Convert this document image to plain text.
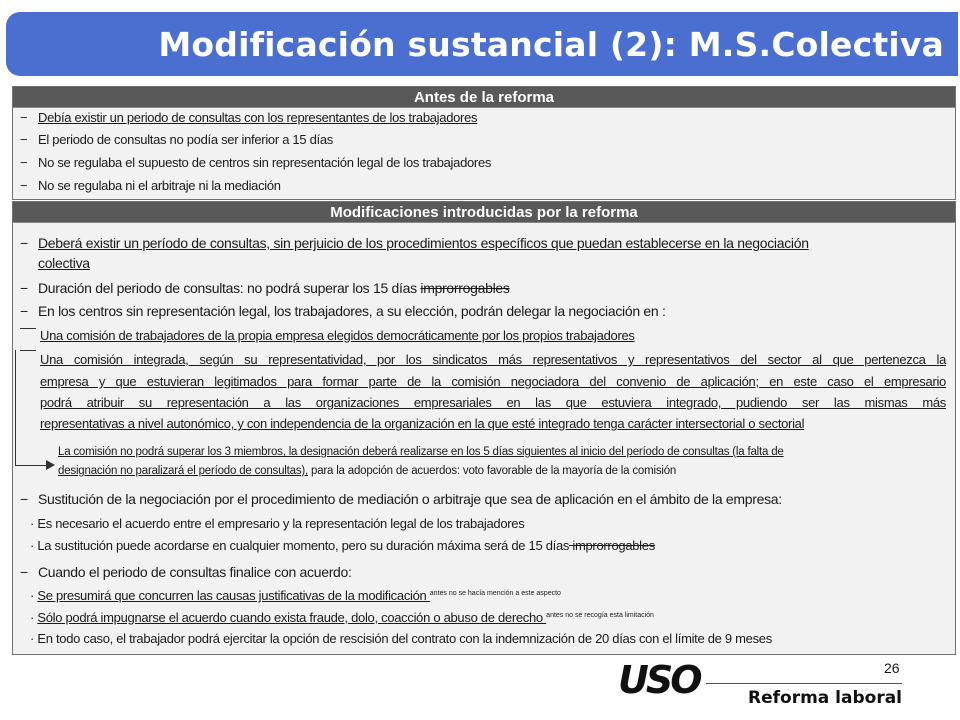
Modificación sustancial (2): M.S.Colectiva
Antes de la reforma
− Debía existir un periodo de consultas con los representantes de los trabajadores
− El periodo de consultas no podía ser inferior a 15 días
− No se regulaba el supuesto de centros sin representación legal de los trabajadores
− No se regulaba ni el arbitraje ni la mediación
Modificaciones introducidas por la reforma
− Deberá existir un período de consultas, sin perjuicio de los procedimientos específicos que puedan establecerse en la negociación
colectiva
− Duración del periodo de consultas: no podrá superar los 15 días improrrogables
− En los centros sin representación legal, los trabajadores, a su elección, podrán delegar la negociación en :
Una comisión de trabajadores de la propia empresa elegidos democráticamente por los propios trabajadores
Una comisión integrada, según su representatividad, por los sindicatos más representativos y representativos del sector al que pertenezca la
empresa y que estuvieran legitimados para formar parte de la comisión negociadora del convenio de aplicación; en este caso el empresario
podrá atribuir su representación a las organizaciones empresariales en las que estuviera integrado, pudiendo ser las mismas más
representativas a nivel autonómico, y con independencia de la organización en la que esté integrado tenga carácter intersectorial o sectorial
La comisión no podrá superar los 3 miembros, la designación deberá realizarse en los 5 días siguientes al inicio del período de consultas (la falta de
designación no paralizará el período de consultas), para la adopción de acuerdos: voto favorable de la mayoría de la comisión
− Sustitución de la negociación por el procedimiento de mediación o arbitraje que sea de aplicación en el ámbito de la empresa:
· Es necesario el acuerdo entre el empresario y la representación legal de los trabajadores
· La sustitución puede acordarse en cualquier momento, pero su duración máxima será de 15 días improrrogables
− Cuando el periodo de consultas finalice con acuerdo:
· Se presumirá que concurren las causas justificativas de la modificación $^{antes no se hacía mención a este aspecto}$
· Sólo podrá impugnarse el acuerdo cuando exista fraude, dolo, coacción o abuso de derecho $^{antes no se recogía esta limitación}$
· En todo caso, el trabajador podrá ejercitar la opción de rescisión del contrato con la indemnización de 20 días con el límite de 9 meses
26
USO	Reforma laboral
